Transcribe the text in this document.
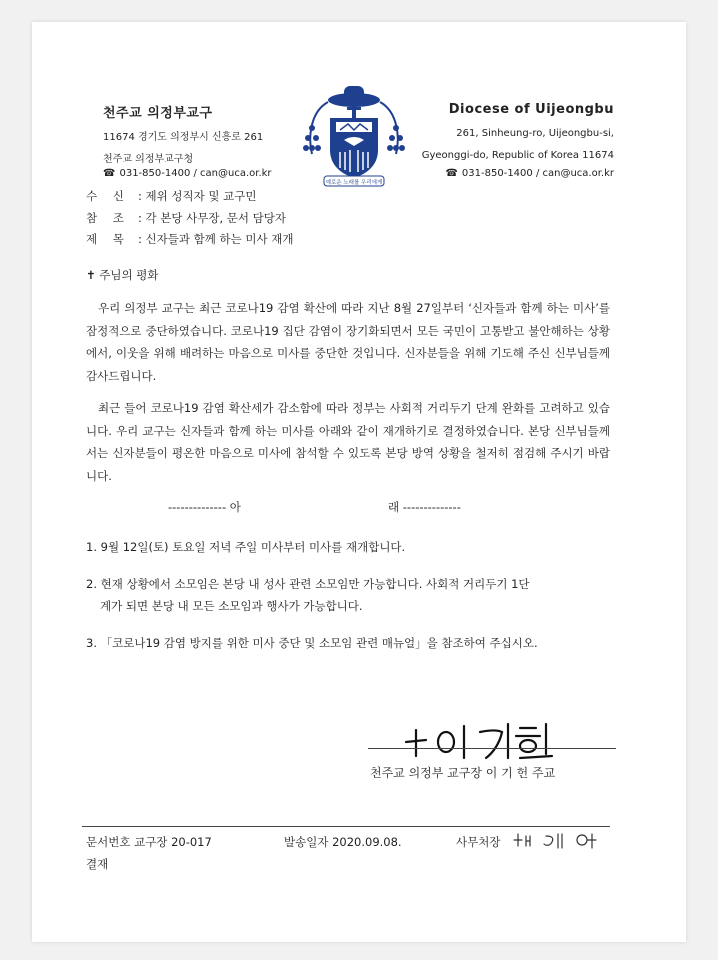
천주교 의정부교구
11674 경기도 의정부시 신흥로 261
천주교 의정부교구청
☎ 031-850-1400 / can@uca.or.kr
예로운 노래를 우리에게
Diocese of Uijeongbu
261, Sinheung-ro, Uijeongbu-si,
Gyeonggi-do, Republic of Korea 11674
☎ 031-850-1400 / can@uca.or.kr
수 신 : 제위 성직자 및 교구민
참 조 : 각 본당 사무장, 문서 담당자
제 목 : 신자들과 함께 하는 미사 재개
✝ 주님의 평화
우리 의정부 교구는 최근 코로나19 감염 확산에 따라 지난 8월 27일부터 ‘신자들과 함께 하는 미사’를 잠정적으로 중단하였습니다. 코로나19 집단 감염이 장기화되면서 모든 국민이 고통받고 불안해하는 상황에서, 이웃을 위해 배려하는 마음으로 미사를 중단한 것입니다. 신자분들을 위해 기도해 주신 신부님들께 감사드립니다.
최근 들어 코로나19 감염 확산세가 감소함에 따라 정부는 사회적 거리두기 단계 완화를 고려하고 있습니다. 우리 교구는 신자들과 함께 하는 미사를 아래와 같이 재개하기로 결정하였습니다. 본당 신부님들께서는 신자분들이 평온한 마음으로 미사에 참석할 수 있도록 본당 방역 상황을 철저히 점검해 주시기 바랍니다.
-------------- 아	래 --------------
1. 9월 12일(토) 토요일 저녁 주일 미사부터 미사를 재개합니다.
2. 현재 상황에서 소모임은 본당 내 성사 관련 소모임만 가능합니다. 사회적 거리두기 1단
계가 되면 본당 내 모든 소모임과 행사가 가능합니다.
3. 「코로나19 감염 방지를 위한 미사 중단 및 소모임 관련 매뉴얼」을 참조하여 주십시오.
천주교 의정부 교구장 이 기 헌 주교
문서번호 교구장 20-017	발송일자 2020.09.08.	사무처장
결재
